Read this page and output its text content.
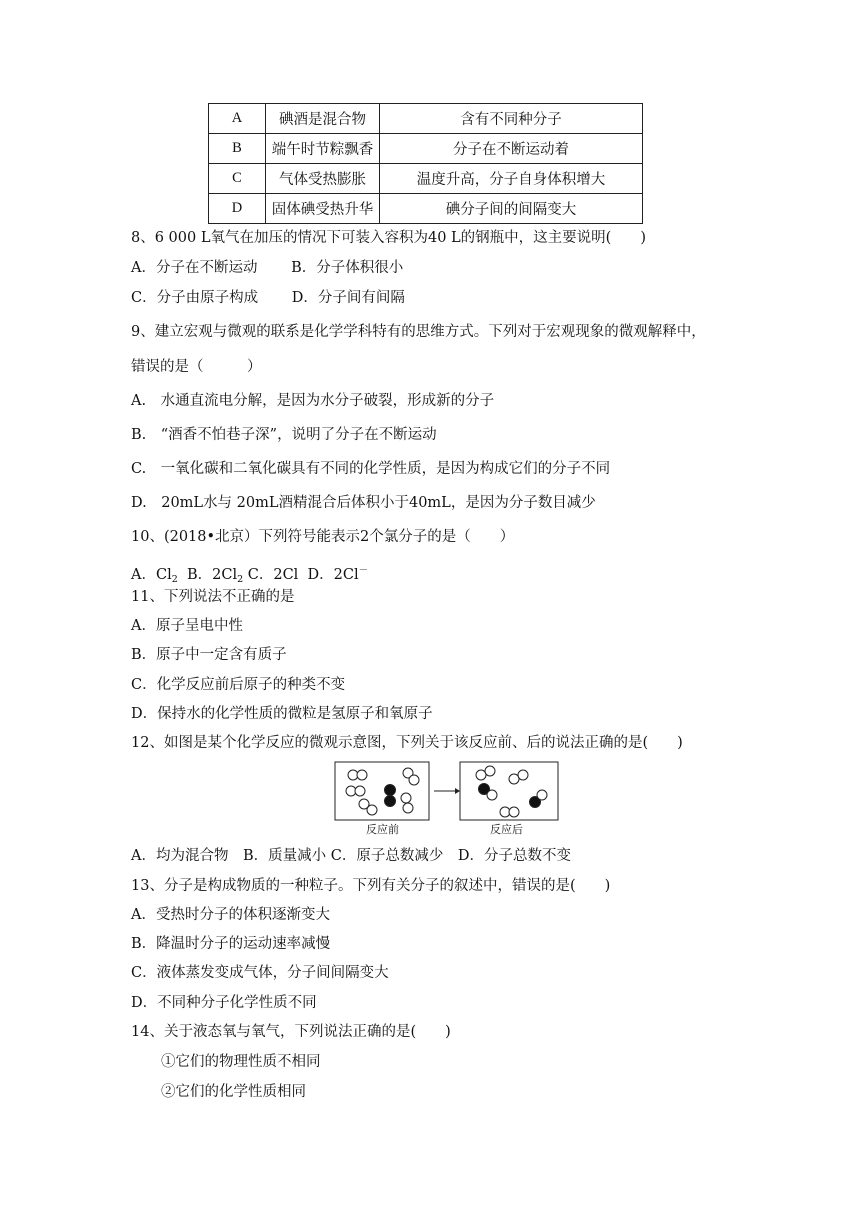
A	碘酒是混合物	含有不同种分子
B	端午时节粽飘香	分子在不断运动着
C	气体受热膨胀	温度升高，分子自身体积增大
D	固体碘受热升华	碘分子间的间隔变大
8、6 000 L氧气在加压的情况下可装入容积为40 L的钢瓶中，这主要说明(　　)
A．分子在不断运动　　 B．分子体积很小
C．分子由原子构成　　 D．分子间有间隔
9、建立宏观与微观的联系是化学学科特有的思维方式。下列对于宏观现象的微观解释中，
错误的是（　　　）
A.　水通直流电分解，是因为水分子破裂，形成新的分子
B.　“酒香不怕巷子深”，说明了分子在不断运动
C.　一氧化碳和二氧化碳具有不同的化学性质，是因为构成它们的分子不同
D.　20mL水与 20mL酒精混合后体积小于40mL，是因为分子数目减少
10、(2018•北京）下列符号能表示2个氯分子的是（　　）
A．$Cl_2$ B．$2Cl_2$ C．2Cl D．2Cl－
11、下列说法不正确的是
A．原子呈电中性
B．原子中一定含有质子
C．化学反应前后原子的种类不变
D．保持水的化学性质的微粒是氢原子和氧原子
12、如图是某个化学反应的微观示意图，下列关于该反应前、后的说法正确的是(　　)
反应前	反应后
A．均为混合物　B．质量减小 C．原子总数减少　D．分子总数不变
13、分子是构成物质的一种粒子。下列有关分子的叙述中，错误的是(　　)
A．受热时分子的体积逐渐变大
B．降温时分子的运动速率减慢
C．液体蒸发变成气体，分子间间隔变大
D．不同种分子化学性质不同
14、关于液态氧与氧气，下列说法正确的是(　　)
①它们的物理性质不相同
②它们的化学性质相同
